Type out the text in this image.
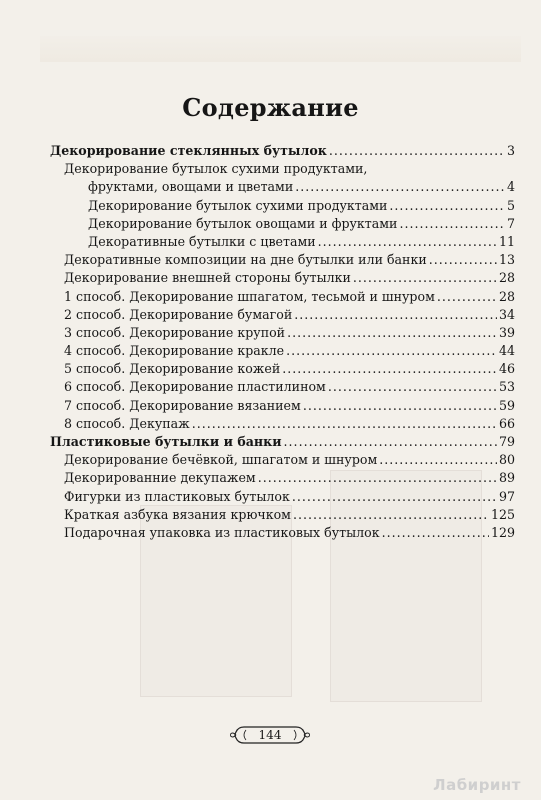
Содержание
Декорирование стеклянных бутылок . . .	3
Декорирование бутылок сухими продуктами,
фруктами, овощами и цветами . . .	4
Декорирование бутылок сухими продуктами . . .	5
Декорирование бутылок овощами и фруктами . . .	7
Декоративные бутылки с цветами . . .	11
Декоративные композиции на дне бутылки или банки . . .	13
Декорирование внешней стороны бутылки . . .	28
1 способ. Декорирование шпагатом, тесьмой и шнуром . . .	28
2 способ. Декорирование бумагой . . .	34
3 способ. Декорирование крупой . . .	39
4 способ. Декорирование кракле . . .	44
5 способ. Декорирование кожей . . .	46
6 способ. Декорирование пластилином . . .	53
7 способ. Декорирование вязанием . . .	59
8 способ. Декупаж . . .	66
Пластиковые бутылки и банки . . .	79
Декорирование бечёвкой, шпагатом и шнуром . . .	80
Декорированние декупажем . . .	89
Фигурки из пластиковых бутылок . . .	97
Краткая азбука вязания крючком . . .	125
Подарочная упаковка из пластиковых бутылок . . .	129
144
Лабиринт
